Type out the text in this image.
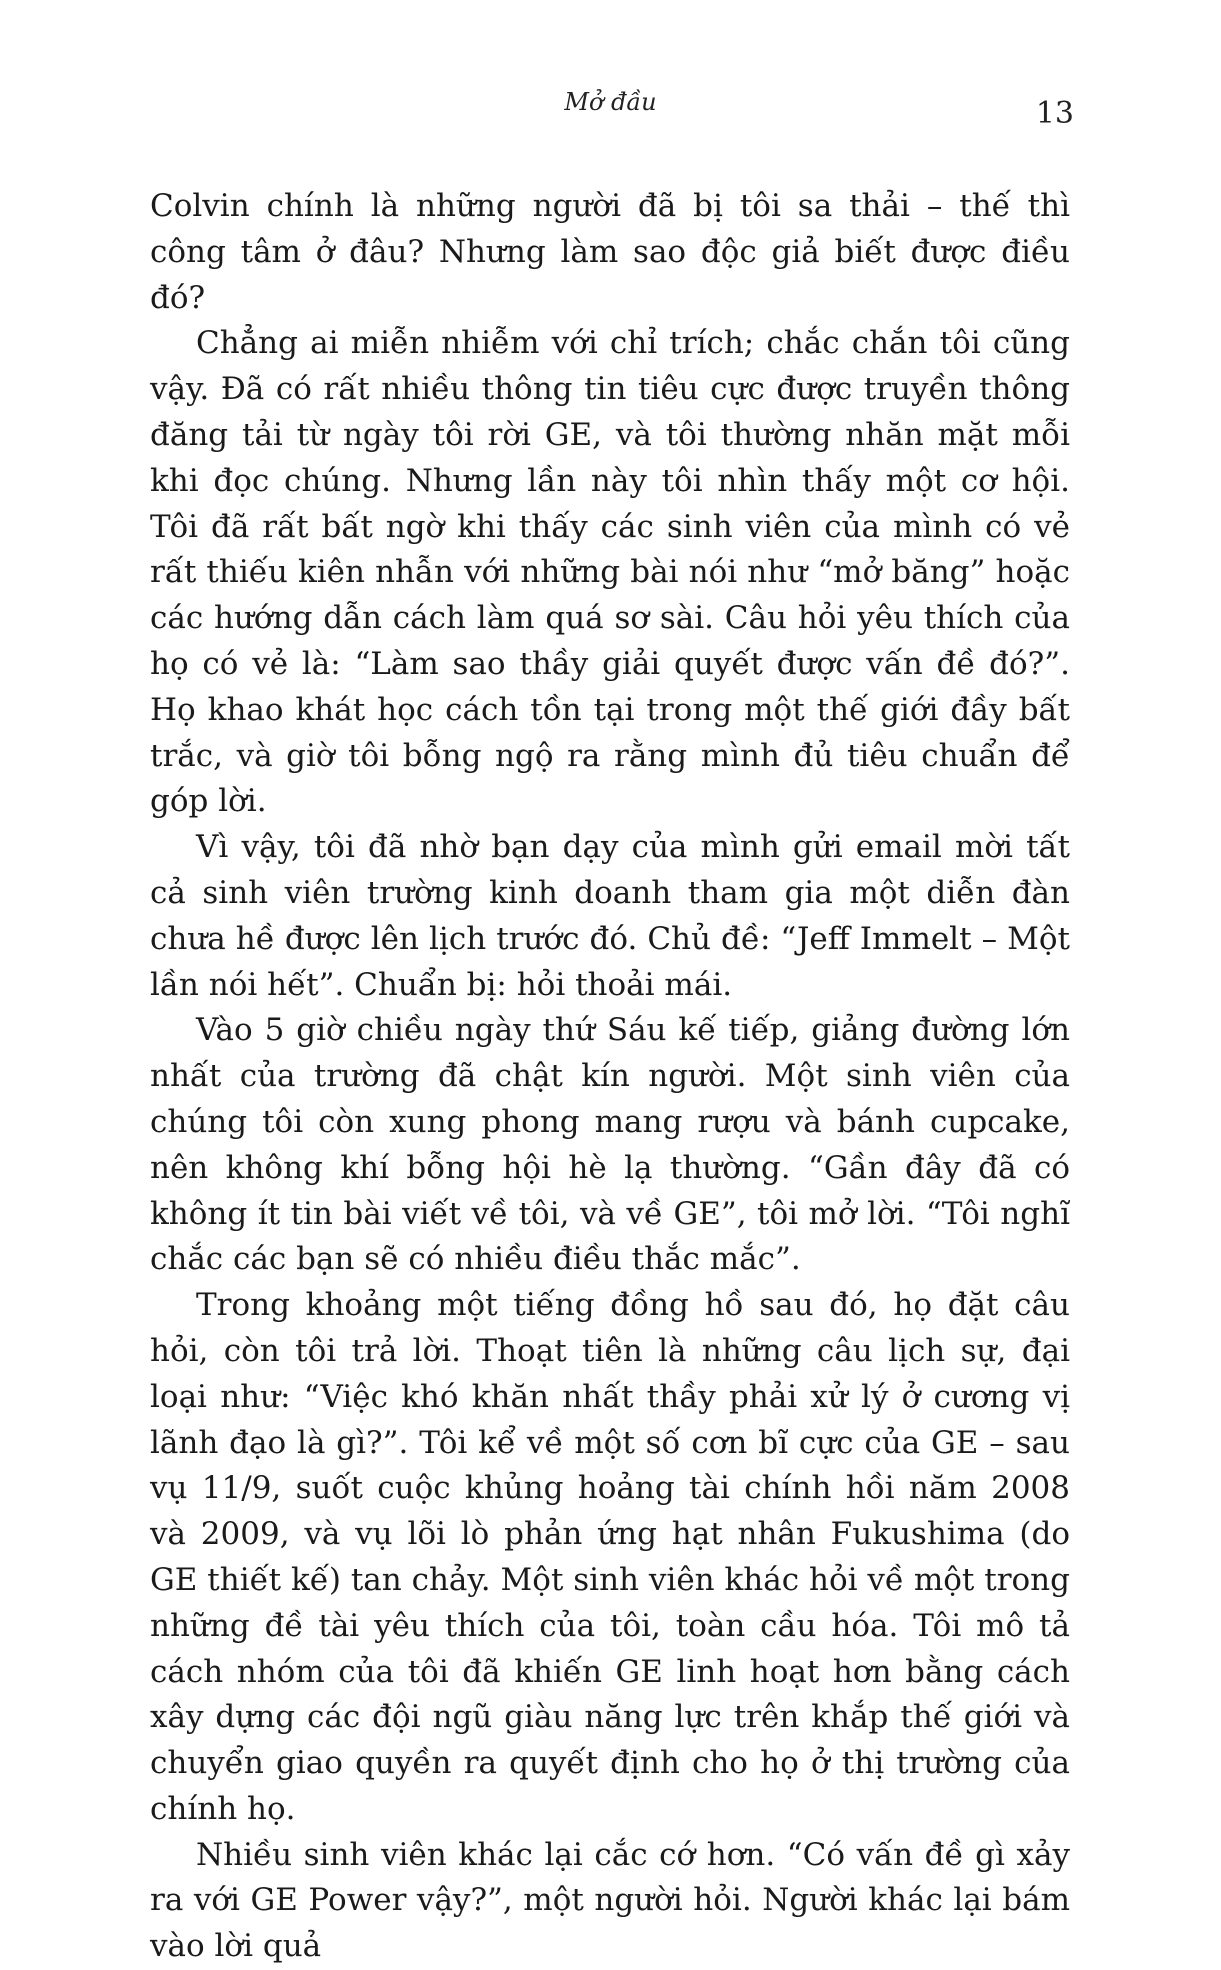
Mở đầu	13

Colvin chính là những người đã bị tôi sa thải – thế thì công tâm ở đâu? Nhưng làm sao độc giả biết được điều đó?

Chẳng ai miễn nhiễm với chỉ trích; chắc chắn tôi cũng vậy. Đã có rất nhiều thông tin tiêu cực được truyền thông đăng tải từ ngày tôi rời GE, và tôi thường nhăn mặt mỗi khi đọc chúng. Nhưng lần này tôi nhìn thấy một cơ hội. Tôi đã rất bất ngờ khi thấy các sinh viên của mình có vẻ rất thiếu kiên nhẫn với những bài nói như “mở băng” hoặc các hướng dẫn cách làm quá sơ sài. Câu hỏi yêu thích của họ có vẻ là: “Làm sao thầy giải quyết được vấn đề đó?”. Họ khao khát học cách tồn tại trong một thế giới đầy bất trắc, và giờ tôi bỗng ngộ ra rằng mình đủ tiêu chuẩn để góp lời.

Vì vậy, tôi đã nhờ bạn dạy của mình gửi email mời tất cả sinh viên trường kinh doanh tham gia một diễn đàn chưa hề được lên lịch trước đó. Chủ đề: “Jeff Immelt – Một lần nói hết”. Chuẩn bị: hỏi thoải mái.

Vào 5 giờ chiều ngày thứ Sáu kế tiếp, giảng đường lớn nhất của trường đã chật kín người. Một sinh viên của chúng tôi còn xung phong mang rượu và bánh cupcake, nên không khí bỗng hội hè lạ thường. “Gần đây đã có không ít tin bài viết về tôi, và về GE”, tôi mở lời. “Tôi nghĩ chắc các bạn sẽ có nhiều điều thắc mắc”.

Trong khoảng một tiếng đồng hồ sau đó, họ đặt câu hỏi, còn tôi trả lời. Thoạt tiên là những câu lịch sự, đại loại như: “Việc khó khăn nhất thầy phải xử lý ở cương vị lãnh đạo là gì?”. Tôi kể về một số cơn bĩ cực của GE – sau vụ 11/9, suốt cuộc khủng hoảng tài chính hồi năm 2008 và 2009, và vụ lõi lò phản ứng hạt nhân Fukushima (do GE thiết kế) tan chảy. Một sinh viên khác hỏi về một trong những đề tài yêu thích của tôi, toàn cầu hóa. Tôi mô tả cách nhóm của tôi đã khiến GE linh hoạt hơn bằng cách xây dựng các đội ngũ giàu năng lực trên khắp thế giới và chuyển giao quyền ra quyết định cho họ ở thị trường của chính họ.

Nhiều sinh viên khác lại cắc cớ hơn. “Có vấn đề gì xảy ra với GE Power vậy?”, một người hỏi. Người khác lại bám vào lời quả
